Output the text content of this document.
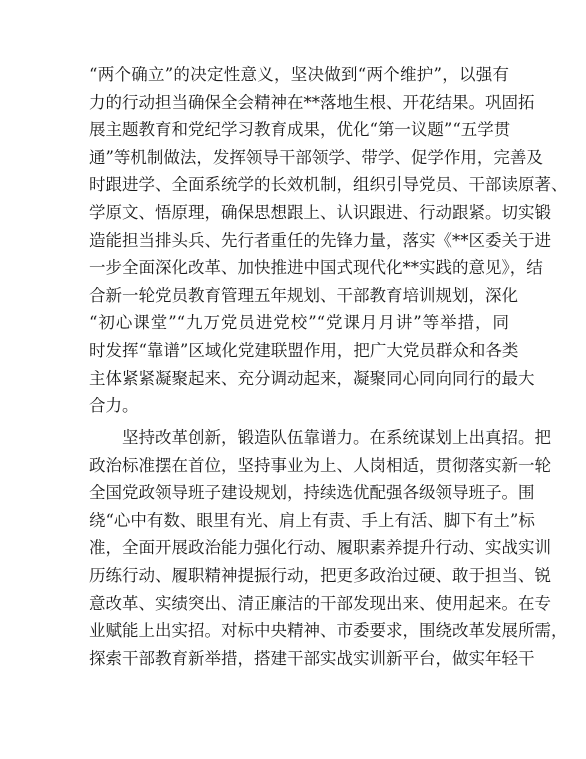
“两个确立”的决定性意义，坚决做到“两个维护”，以强有
力的行动担当确保全会精神在**落地生根、开花结果。巩固拓
展主题教育和党纪学习教育成果，优化“第一议题”“五学贯
通”等机制做法，发挥领导干部领学、带学、促学作用，完善及
时跟进学、全面系统学的长效机制，组织引导党员、干部读原著、
学原文、悟原理，确保思想跟上、认识跟进、行动跟紧。切实锻
造能担当排头兵、先行者重任的先锋力量，落实《**区委关于进
一步全面深化改革、加快推进中国式现代化**实践的意见》，结
合新一轮党员教育管理五年规划、干部教育培训规划，深化
“初心课堂”“九万党员进党校”“党课月月讲”等举措，同
时发挥“靠谱”区域化党建联盟作用，把广大党员群众和各类
主体紧紧凝聚起来、充分调动起来，凝聚同心同向同行的最大
合力。
　　坚持改革创新，锻造队伍靠谱力。在系统谋划上出真招。把
政治标准摆在首位，坚持事业为上、人岗相适，贯彻落实新一轮
全国党政领导班子建设规划，持续选优配强各级领导班子。围
绕“心中有数、眼里有光、肩上有责、手上有活、脚下有土”标
准，全面开展政治能力强化行动、履职素养提升行动、实战实训
历练行动、履职精神提振行动，把更多政治过硬、敢于担当、锐
意改革、实绩突出、清正廉洁的干部发现出来、使用起来。在专
业赋能上出实招。对标中央精神、市委要求，围绕改革发展所需，
探索干部教育新举措，搭建干部实战实训新平台，做实年轻干
